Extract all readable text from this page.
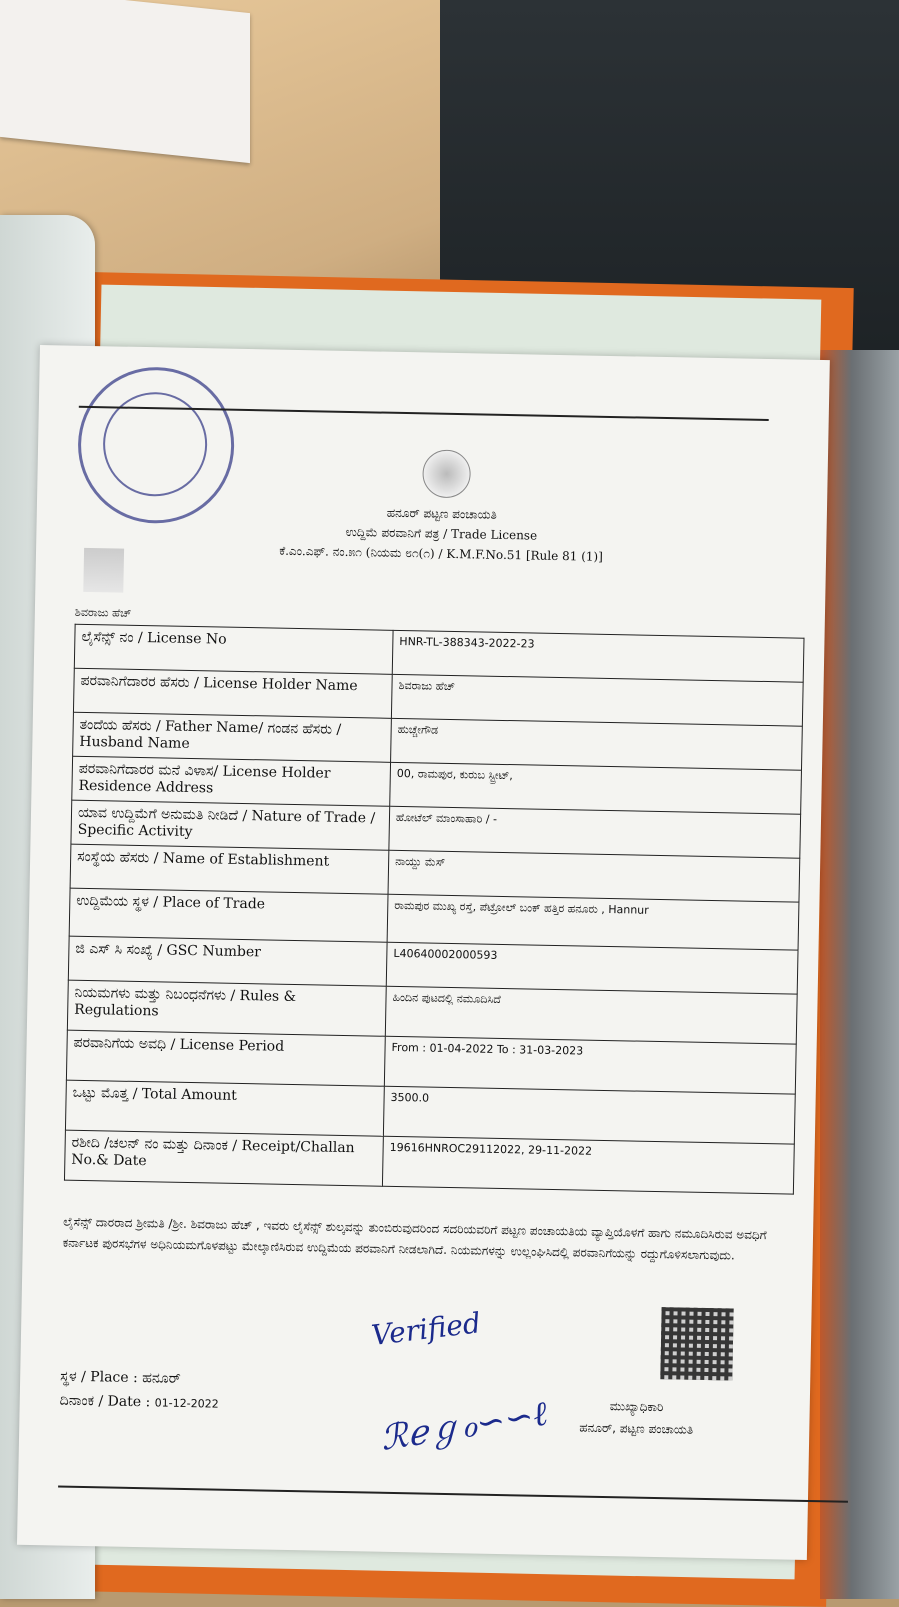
ಹನೂರ್ ಪಟ್ಟಣ ಪಂಚಾಯತಿ
ಉದ್ದಿಮೆ ಪರವಾನಿಗೆ ಪತ್ರ / Trade License
ಕೆ.ಎಂ.ಎಫ್. ನಂ.೫೧ (ನಿಯಮ ೮೧(೧) / K.M.F.No.51 [Rule 81 (1)]
ಶಿವರಾಜು ಹೆಚ್
ಲೈಸೆನ್ಸ್ ನಂ / License No	HNR-TL-388343-2022-23
ಪರವಾನಿಗೆದಾರರ ಹೆಸರು / License Holder Name	ಶಿವರಾಜು ಹೆಚ್
ತಂದೆಯ ಹೆಸರು / Father Name/ ಗಂಡನ ಹೆಸರು / Husband Name	ಹುಚ್ಚೇಗೌಡ
ಪರವಾನಿಗೆದಾರರ ಮನೆ ವಿಳಾಸ/ License Holder Residence Address	00, ರಾಮಪುರ, ಕುರುಬ ಸ್ಟ್ರೀಟ್,
ಯಾವ ಉದ್ದಿಮೆಗೆ ಅನುಮತಿ ನೀಡಿದೆ / Nature of Trade / Specific Activity	ಹೋಟೆಲ್ ಮಾಂಸಾಹಾರಿ / -
ಸಂಸ್ಥೆಯ ಹೆಸರು / Name of Establishment	ನಾಯ್ದು ಮೆಸ್
ಉದ್ದಿಮೆಯ ಸ್ಥಳ / Place of Trade	ರಾಮಪುರ ಮುಖ್ಯ ರಸ್ತೆ, ಪೆಟ್ರೋಲ್ ಬಂಕ್ ಹತ್ತಿರ ಹನೂರು , Hannur
ಜಿ ಎಸ್ ಸಿ ಸಂಖ್ಯೆ / GSC Number	L40640002000593
ನಿಯಮಗಳು ಮತ್ತು ನಿಬಂಧನೆಗಳು / Rules & Regulations	ಹಿಂದಿನ ಪುಟದಲ್ಲಿ ನಮೂದಿಸಿದೆ
ಪರವಾನಿಗೆಯ ಅವಧಿ / License Period	From : 01-04-2022 To : 31-03-2023
ಒಟ್ಟು ಮೊತ್ತ / Total Amount	3500.0
ರಶೀದಿ /ಚಲನ್ ನಂ ಮತ್ತು ದಿನಾಂಕ / Receipt/Challan No.& Date	19616HNROC29112022, 29-11-2022
ಲೈಸೆನ್ಸ್ ದಾರರಾದ ಶ್ರೀಮತಿ /ಶ್ರೀ. ಶಿವರಾಜು ಹೆಚ್ , ಇವರು ಲೈಸೆನ್ಸ್ ಶುಲ್ಕವನ್ನು ತುಂಬಿರುವುದರಿಂದ ಸದರಿಯವರಿಗೆ ಪಟ್ಟಣ ಪಂಚಾಯತಿಯ ವ್ಯಾಪ್ತಿಯೊಳಗೆ ಹಾಗು ನಮೂದಿಸಿರುವ ಅವಧಿಗೆ ಕರ್ನಾಟಕ ಪುರಸಭೆಗಳ ಅಧಿನಿಯಮಗೊಳಪಟ್ಟು ಮೇಲ್ಕಾಣಿಸಿರುವ ಉದ್ದಿಮೆಯ ಪರವಾನಿಗೆ ನೀಡಲಾಗಿದೆ. ನಿಯಮಗಳನ್ನು ಉಲ್ಲಂಘಿಸಿದಲ್ಲಿ ಪರವಾನಿಗೆಯನ್ನು ರದ್ದುಗೊಳಿಸಲಾಗುವುದು.
Verified
ℛℯℊℴ∽∽ℓ
ಸ್ಥಳ / Place : ಹನೂರ್
ದಿನಾಂಕ / Date : 01-12-2022	ಮುಖ್ಯಾಧಿಕಾರಿ
ಹನೂರ್, ಪಟ್ಟಣ ಪಂಚಾಯತಿ
